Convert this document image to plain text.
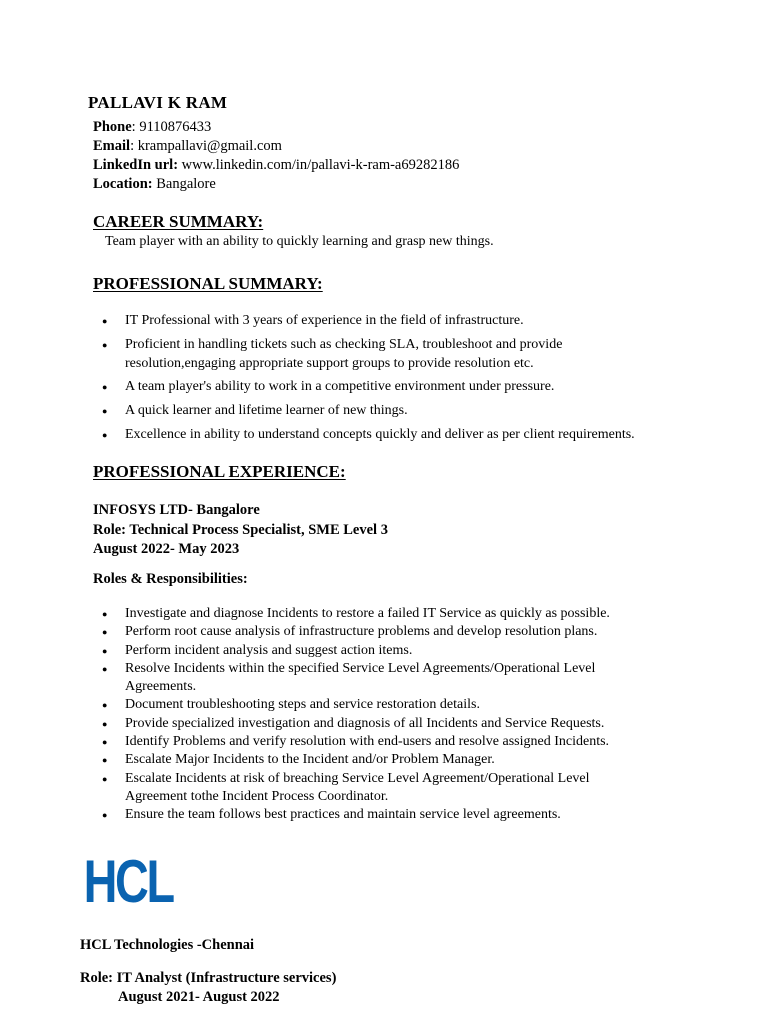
PALLAVI K RAM
Phone: 9110876433
Email: krampallavi@gmail.com
LinkedIn url: www.linkedin.com/in/pallavi-k-ram-a69282186
Location: Bangalore
CAREER SUMMARY:
Team player with an ability to quickly learning and grasp new things.
PROFESSIONAL SUMMARY:
● IT Professional with 3 years of experience in the field of infrastructure.
● Proficient in handling tickets such as checking SLA, troubleshoot and provide
resolution,engaging appropriate support groups to provide resolution etc.
● A team player's ability to work in a competitive environment under pressure.
● A quick learner and lifetime learner of new things.
● Excellence in ability to understand concepts quickly and deliver as per client requirements.
PROFESSIONAL EXPERIENCE:
INFOSYS LTD- Bangalore
Role: Technical Process Specialist, SME Level 3
August 2022- May 2023
Roles & Responsibilities:
● Investigate and diagnose Incidents to restore a failed IT Service as quickly as possible.
● Perform root cause analysis of infrastructure problems and develop resolution plans.
● Perform incident analysis and suggest action items.
● Resolve Incidents within the specified Service Level Agreements/Operational Level
Agreements.
● Document troubleshooting steps and service restoration details.
● Provide specialized investigation and diagnosis of all Incidents and Service Requests.
● Identify Problems and verify resolution with end-users and resolve assigned Incidents.
● Escalate Major Incidents to the Incident and/or Problem Manager.
● Escalate Incidents at risk of breaching Service Level Agreement/Operational Level
Agreement tothe Incident Process Coordinator.
● Ensure the team follows best practices and maintain service level agreements.
HCL
HCL Technologies -Chennai
Role: IT Analyst (Infrastructure services)
August 2021- August 2022
